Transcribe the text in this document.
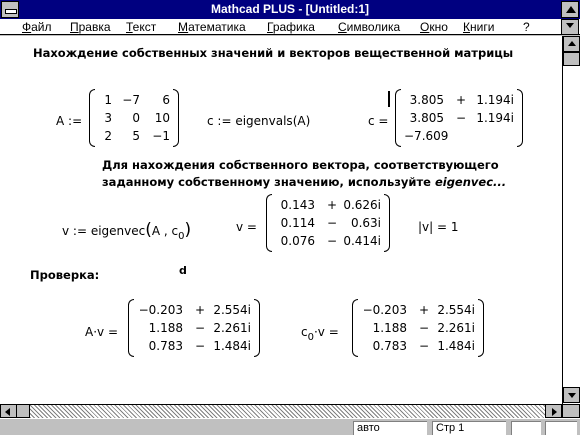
Mathcad PLUS - [Untitled:1]
Файл Правка Текст Математика Графика Символика Окно Книги ?
Нахождение собственных значений и векторов вещественной матрицы
A :=
1 −7	6
3	0	10
2	5	−1
c := eigenvals(A)	c =
3.805 + 1.194i
3.805 − 1.194i
−7.609
Для нахождения собственного вектора, соответствующего
заданному собственному значению, используйте eigenvec...
v := eigenvec(A , $c_0$)	v =
0.143 + 0.626i
0.114 −	0.63i
0.076 − 0.414i
|v| = 1
Проверка:	d
A·v =
−0.203 + 2.554i
1.188 − 2.261i
0.783 − 1.484i
$c_0\cdot v$ =
−0.203 + 2.554i
1.188 − 2.261i
0.783 − 1.484i
авто	Стр 1
